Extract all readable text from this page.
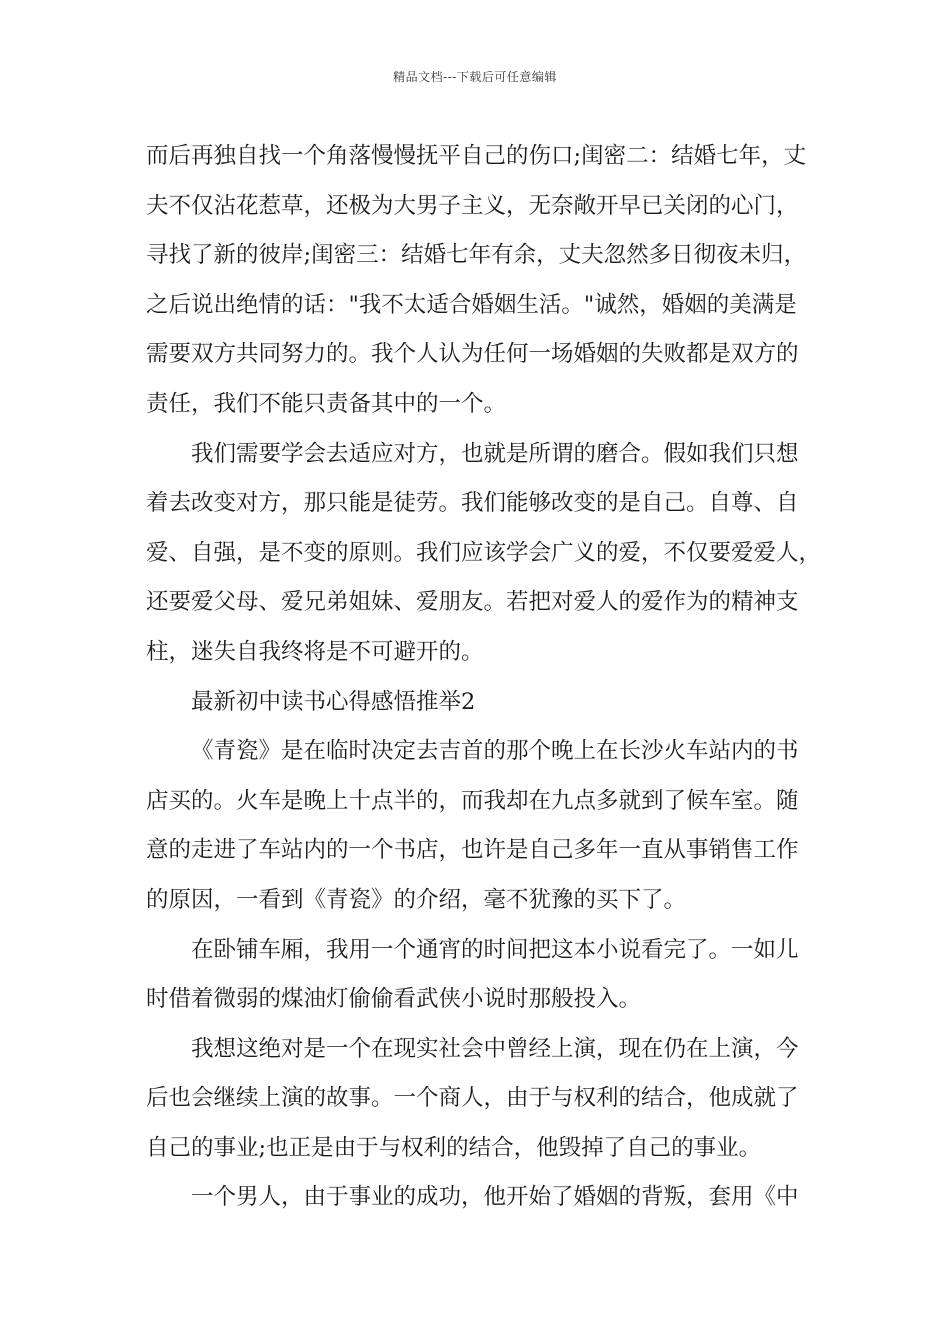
精品文档---下载后可任意编辑
而后再独自找一个角落慢慢抚平自己的伤口;闺密二：结婚七年，丈
夫不仅沾花惹草，还极为大男子主义，无奈敞开早已关闭的心门，
寻找了新的彼岸;闺密三：结婚七年有余，丈夫忽然多日彻夜未归，
之后说出绝情的话："我不太适合婚姻生活。"诚然，婚姻的美满是
需要双方共同努力的。我个人认为任何一场婚姻的失败都是双方的
责任，我们不能只责备其中的一个。
我们需要学会去适应对方，也就是所谓的磨合。假如我们只想
着去改变对方，那只能是徒劳。我们能够改变的是自己。自尊、自
爱、自强，是不变的原则。我们应该学会广义的爱，不仅要爱爱人，
还要爱父母、爱兄弟姐妹、爱朋友。若把对爱人的爱作为的精神支
柱，迷失自我终将是不可避开的。
最新初中读书心得感悟推举2
《青瓷》是在临时决定去吉首的那个晚上在长沙火车站内的书
店买的。火车是晚上十点半的，而我却在九点多就到了候车室。随
意的走进了车站内的一个书店，也许是自己多年一直从事销售工作
的原因，一看到《青瓷》的介绍，毫不犹豫的买下了。
在卧铺车厢，我用一个通宵的时间把这本小说看完了。一如儿
时借着微弱的煤油灯偷偷看武侠小说时那般投入。
我想这绝对是一个在现实社会中曾经上演，现在仍在上演，今
后也会继续上演的故事。一个商人，由于与权利的结合，他成就了
自己的事业;也正是由于与权利的结合，他毁掉了自己的事业。
一个男人，由于事业的成功，他开始了婚姻的背叛，套用《中
